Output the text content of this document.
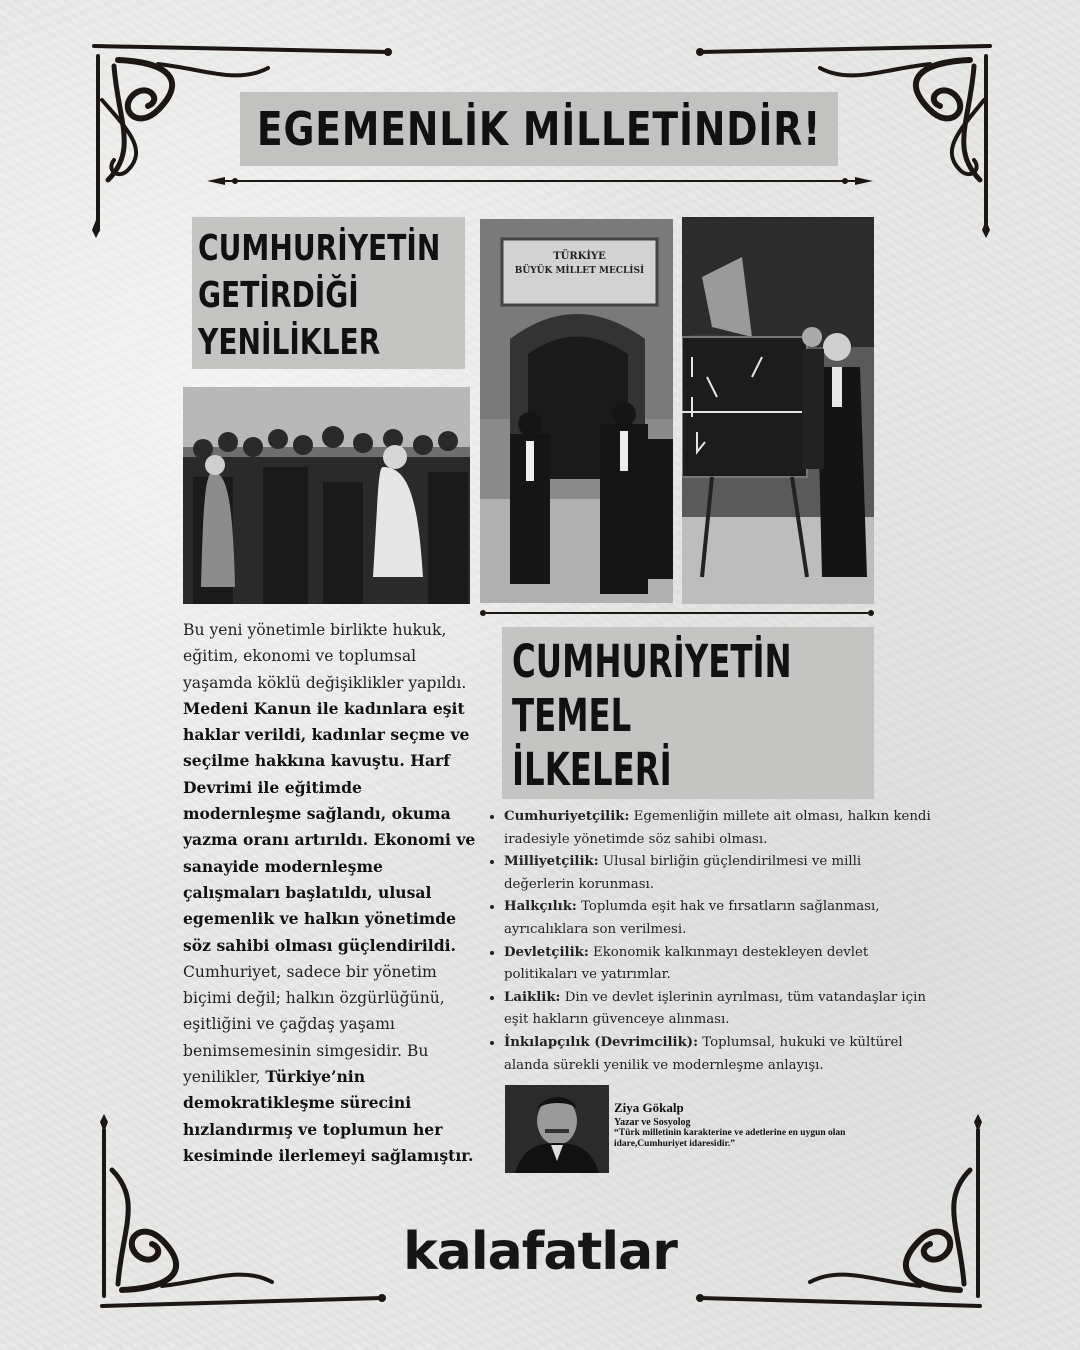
EGEMENLİK MİLLETİNDİR!
CUMHURİYETİN
GETİRDİĞİ
YENİLİKLER
TÜRKİYE
BÜYÜK MİLLET MECLİSİ
Bu yeni yönetimle birlikte hukuk, eğitim, ekonomi ve toplumsal yaşamda köklü değişiklikler yapıldı. Medeni Kanun ile kadınlara eşit haklar verildi, kadınlar seçme ve seçilme hakkına kavuştu. Harf Devrimi ile eğitimde modernleşme sağlandı, okuma yazma oranı artırıldı. Ekonomi ve sanayide modernleşme çalışmaları başlatıldı, ulusal egemenlik ve halkın yönetimde söz sahibi olması güçlendirildi. Cumhuriyet, sadece bir yönetim biçimi değil; halkın özgürlüğünü, eşitliğini ve çağdaş yaşamı benimsemesinin simgesidir. Bu yenilikler, Türkiye’nin demokratikleşme sürecini hızlandırmış ve toplumun her kesiminde ilerlemeyi sağlamıştır.
CUMHURİYETİN
TEMEL
İLKELERİ
• Cumhuriyetçilik: Egemenliğin millete ait olması, halkın kendi iradesiyle yönetimde söz sahibi olması.
• Milliyetçilik: Ulusal birliğin güçlendirilmesi ve milli değerlerin korunması.
• Halkçılık: Toplumda eşit hak ve fırsatların sağlanması, ayrıcalıklara son verilmesi.
• Devletçilik: Ekonomik kalkınmayı destekleyen devlet politikaları ve yatırımlar.
• Laiklik: Din ve devlet işlerinin ayrılması, tüm vatandaşlar için eşit hakların güvenceye alınması.
• İnkılapçılık (Devrimcilik): Toplumsal, hukuki ve kültürel alanda sürekli yenilik ve modernleşme anlayışı.
Ziya Gökalp
Yazar ve Sosyolog
“Türk milletinin karakterine ve adetlerine en uygun olan idare,Cumhuriyet idaresidir.”
kalafatlar
